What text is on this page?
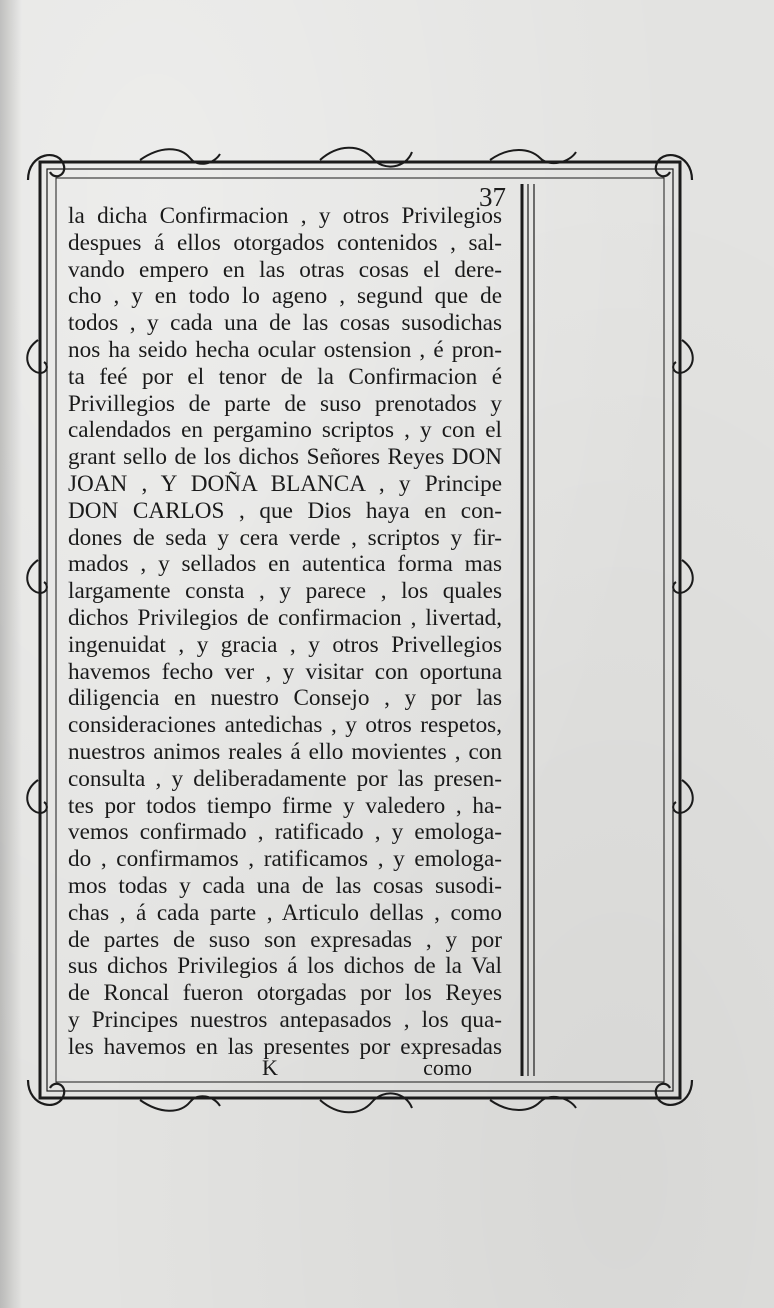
37
la dicha Confirmacion , y otros Privilegios
despues á ellos otorgados contenidos , sal-
vando empero en las otras cosas el dere-
cho , y en todo lo ageno , segund que de
todos , y cada una de las cosas susodichas
nos ha seido hecha ocular ostension , é pron-
ta feé por el tenor de la Confirmacion é
Privillegios de parte de suso prenotados y
calendados en pergamino scriptos , y con el
grant sello de los dichos Señores Reyes DON
JOAN , Y DOÑA BLANCA , y Principe
DON CARLOS , que Dios haya en con-
dones de seda y cera verde , scriptos y fir-
mados , y sellados en autentica forma mas
largamente consta , y parece , los quales
dichos Privilegios de confirmacion , livertad,
ingenuidat , y gracia , y otros Privellegios
havemos fecho ver , y visitar con oportuna
diligencia en nuestro Consejo , y por las
consideraciones antedichas , y otros respetos,
nuestros animos reales á ello movientes , con
consulta , y deliberadamente por las presen-
tes por todos tiempo firme y valedero , ha-
vemos confirmado , ratificado , y emologa-
do , confirmamos , ratificamos , y emologa-
mos todas y cada una de las cosas susodi-
chas , á cada parte , Articulo dellas , como
de partes de suso son expresadas , y por
sus dichos Privilegios á los dichos de la Val
de Roncal fueron otorgadas por los Reyes
y Principes nuestros antepasados , los qua-
les havemos en las presentes por expresadas
K	como
